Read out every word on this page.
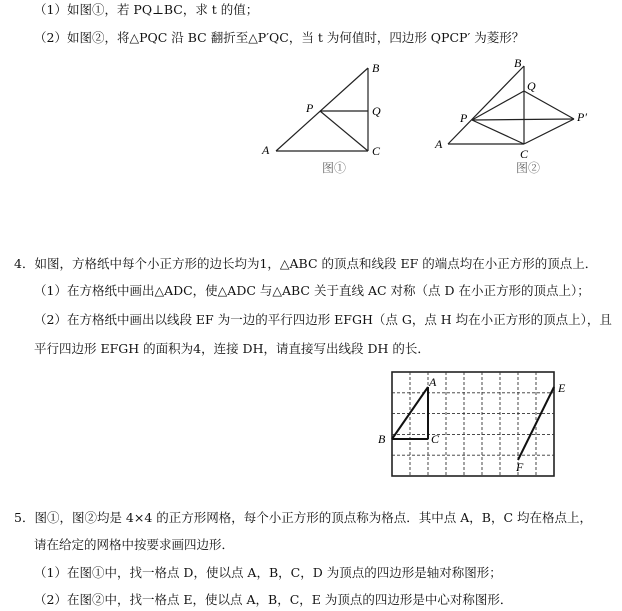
（1）如图①，若 PQ⊥BC，求 t 的值；
（2）如图②，将△PQC 沿 BC 翻折至△P′QC，当 t 为何值时，四边形 QPCP′ 为菱形？
A
B
C
P	Q
图①
A
B
C
P
Q
P′
图②
4．如图，方格纸中每个小正方形的边长均为1，△ABC 的顶点和线段 EF 的端点均在小正方形的顶点上．
（1）在方格纸中画出△ADC，使△ADC 与△ABC 关于直线 AC 对称（点 D 在小正方形的顶点上）；
（2）在方格纸中画出以线段 EF 为一边的平行四边形 EFGH（点 G，点 H 均在小正方形的顶点上），且
平行四边形 EFGH 的面积为4，连接 DH，请直接写出线段 DH 的长．
A
B	C
E
F
5．图①，图②均是 4×4 的正方形网格，每个小正方形的顶点称为格点．其中点 A，B，C 均在格点上，
请在给定的网格中按要求画四边形．
（1）在图①中，找一格点 D，使以点 A，B，C，D 为顶点的四边形是轴对称图形；
（2）在图②中，找一格点 E，使以点 A，B，C，E 为顶点的四边形是中心对称图形．
